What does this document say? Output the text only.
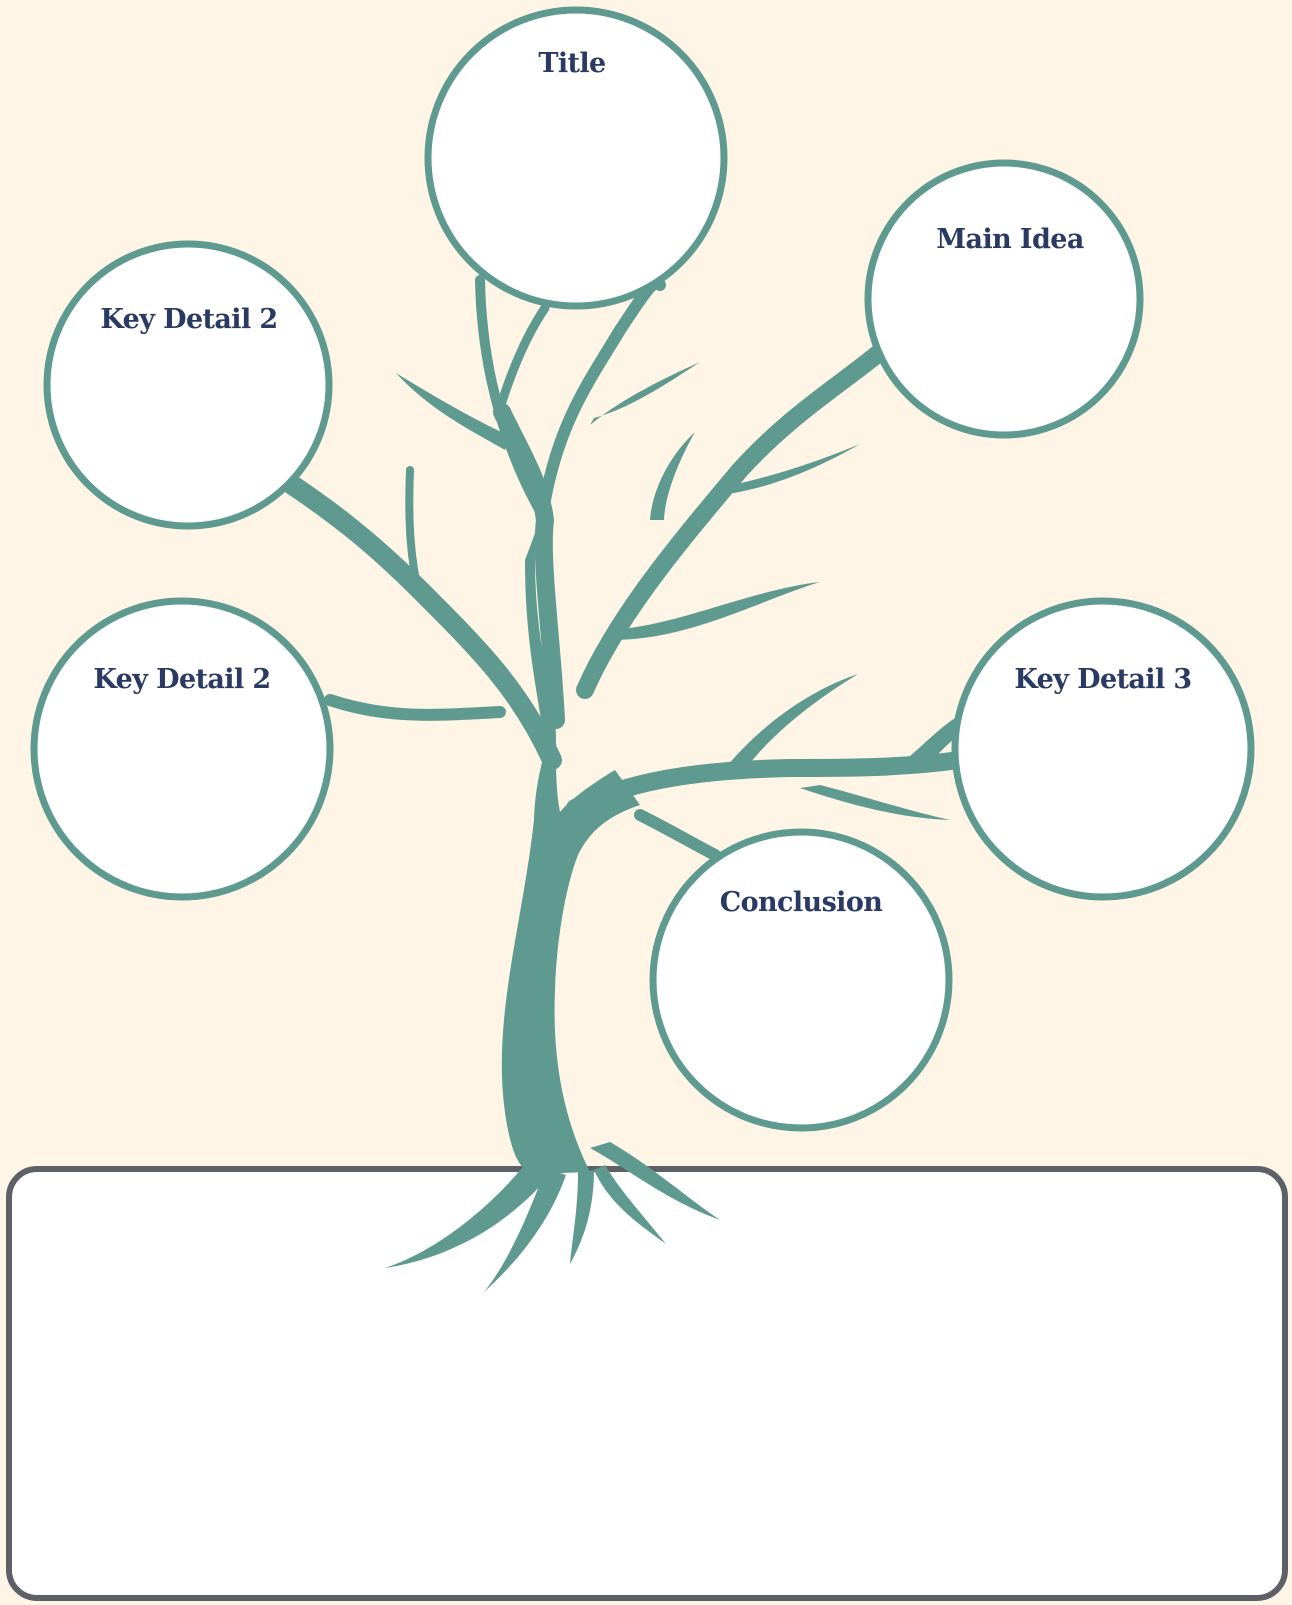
Title
Main Idea
Key Detail 2
Key Detail 2	Key Detail 3
Conclusion
